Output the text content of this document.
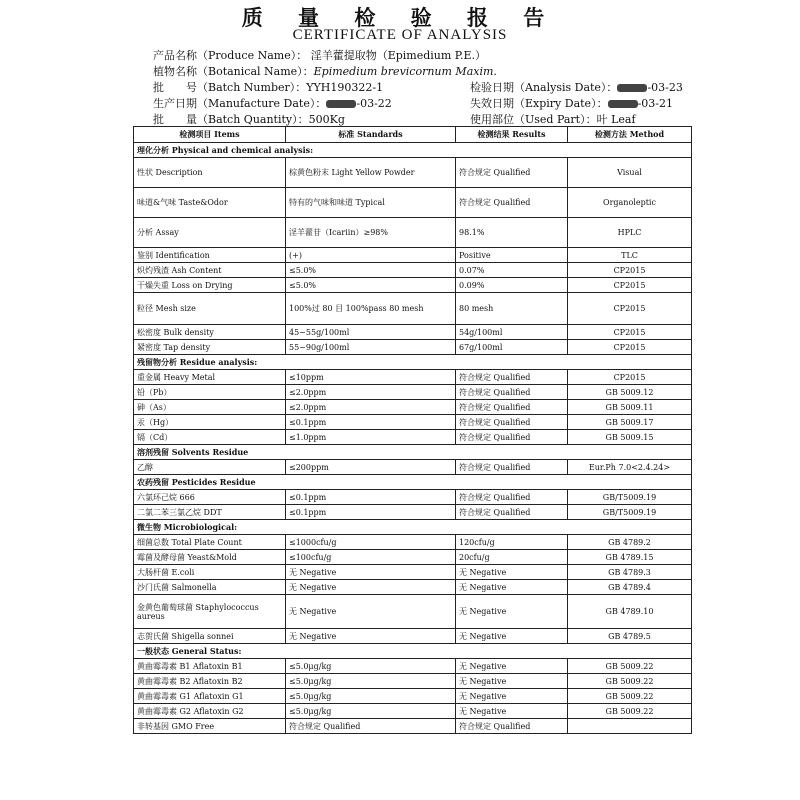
质 量 检 验 报 告
CERTIFICATE OF ANALYSIS
产品名称（Produce Name）： 淫羊藿提取物（Epimedium P.E.）
植物名称（Botanical Name）：Epimedium brevicornum Maxim.
批　　号（Batch Number）：YYH190322-1	检验日期（Analysis Date）：	-03-23
生产日期（Manufacture Date）：	-03-22	失效日期（Expiry Date）：	-03-21
批　　量（Batch Quantity）：500Kg	使用部位（Used Part）：叶 Leaf
检测项目 Items	标准 Standards	检测结果 Results	检测方法 Method
理化分析 Physical and chemical analysis:			
性状 Description	棕黄色粉末 Light Yellow Powder	符合规定 Qualified	Visual
味道&气味 Taste&Odor	特有的气味和味道 Typical	符合规定 Qualified	Organoleptic
分析 Assay	淫羊藿苷（Icariin）≥98%	98.1%	HPLC
鉴别 Identification	(+)	Positive	TLC
炽灼残渣 Ash Content	≤5.0%	0.07%	CP2015
干燥失重 Loss on Drying	≤5.0%	0.09%	CP2015
粒径 Mesh size	100%过 80 目 100%pass 80 mesh	80 mesh	CP2015
松密度 Bulk density	45~55g/100ml	54g/100ml	CP2015
紧密度 Tap density	55~90g/100ml	67g/100ml	CP2015
残留物分析 Residue analysis:			
重金属 Heavy Metal	≤10ppm	符合规定 Qualified	CP2015
铅（Pb）	≤2.0ppm	符合规定 Qualified	GB 5009.12
砷（As）	≤2.0ppm	符合规定 Qualified	GB 5009.11
汞（Hg）	≤0.1ppm	符合规定 Qualified	GB 5009.17
镉（Cd）	≤1.0ppm	符合规定 Qualified	GB 5009.15
溶剂残留 Solvents Residue			
乙醇	≤200ppm	符合规定 Qualified	Eur.Ph 7.0<2.4.24>
农药残留 Pesticides Residue			
六氯环己烷 666	≤0.1ppm	符合规定 Qualified	GB/T5009.19
二氯二苯三氯乙烷 DDT	≤0.1ppm	符合规定 Qualified	GB/T5009.19
微生物 Microbiological:			
细菌总数 Total Plate Count	≤1000cfu/g	120cfu/g	GB 4789.2
霉菌及酵母菌 Yeast&Mold	≤100cfu/g	20cfu/g	GB 4789.15
大肠杆菌 E.coli	无 Negative	无 Negative	GB 4789.3
沙门氏菌 Salmonella	无 Negative	无 Negative	GB 4789.4
金黄色葡萄球菌 Staphylococcus aureus	无 Negative	无 Negative	GB 4789.10
志贺氏菌 Shigella sonnei	无 Negative	无 Negative	GB 4789.5
一般状态 General Status:			
黄曲霉毒素 B1 Aflatoxin B1	≤5.0μg/kg	无 Negative	GB 5009.22
黄曲霉毒素 B2 Aflatoxin B2	≤5.0μg/kg	无 Negative	GB 5009.22
黄曲霉毒素 G1 Aflatoxin G1	≤5.0μg/kg	无 Negative	GB 5009.22
黄曲霉毒素 G2 Aflatoxin G2	≤5.0μg/kg	无 Negative	GB 5009.22
非转基因 GMO Free	符合规定 Qualified	符合规定 Qualified	
